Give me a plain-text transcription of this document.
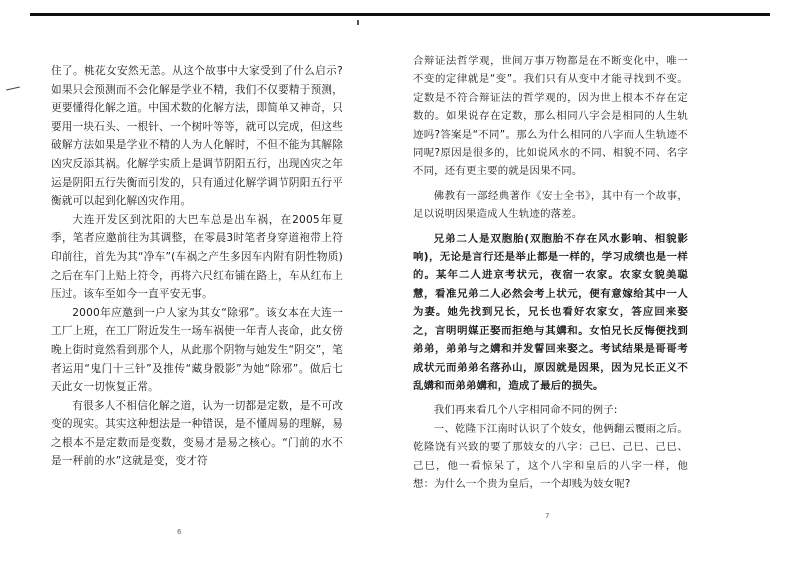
住了。桃花女安然无恙。从这个故事中大家受到了什么启示?如果只会预测而不会化解是学业不精，我们不仅要精于预测，更要懂得化解之道。中国术数的化解方法，即简单又神奇，只要用一块石头、一根针、一个树叶等等，就可以完成，但这些破解方法如果是学业不精的人为人化解时，不但不能为其解除凶灾反添其祸。化解学实质上是调节阴阳五行，出现凶灾之年运是阴阳五行失衡而引发的，只有通过化解学调节阴阳五行平衡就可以起到化解凶灾作用。

大连开发区到沈阳的大巴车总是出车祸，在2005年夏季，笔者应邀前往为其调整，在零晨3时笔者身穿道袍带上符印前往，首先为其“净车”(车祸之产生多因车内附有阴性物质)之后在车门上贴上符令，再将六尺红布铺在路上，车从红布上压过。该车至如今一直平安无事。

2000年应邀到一户人家为其女“除邪”。该女本在大连一工厂上班，在工厂附近发生一场车祸使一年青人丧命，此女傍晚上街时竟然看到那个人，从此那个阴物与她发生“阴交”，笔者运用“鬼门十三针”及推传“藏身骰影”为她“除邪”。做后七天此女一切恢复正常。

有很多人不相信化解之道，认为一切都是定数，是不可改变的现实。其实这种想法是一种错误，是不懂周易的理解，易之根本不是定数而是变数，变易才是易之核心。“门前的水不是一秤前的水”这就是变，变才符

合辩证法哲学观，世间万事万物都是在不断变化中，唯一不变的定律就是“变”。我们只有从变中才能寻找到不变。定数是不符合辩证法的哲学观的，因为世上根本不存在定数的。如果说存在定数，那么相同八字会是相同的人生轨迹吗?答案是“不同”。那么为什么相同的八字而人生轨迹不同呢?原因是很多的，比如说风水的不同、相貌不同、名字不同，还有更主要的就是因果不同。

佛教有一部经典著作《安士全书》，其中有一个故事，足以说明因果造成人生轨迹的落差。

兄弟二人是双胞胎(双胞胎不存在风水影响、相貌影响)，无论是言行还是举止都是一样的，学习成绩也是一样的。某年二人进京考状元，夜宿一农家。农家女貌美聪慧，看准兄弟二人必然会考上状元，便有意嫁给其中一人为妻。她先找到兄长，兄长也看好农家女，答应回来娶之，言明明媒正娶而拒绝与其媾和。女怕兄长反悔便找到弟弟，弟弟与之媾和并发誓回来娶之。考试结果是哥哥考成状元而弟弟名落孙山，原因就是因果，因为兄长正义不乱媾和而弟弟媾和，造成了最后的损失。

我们再来看几个八字相同命不同的例子:

一、乾隆下江南时认识了个妓女，他俩翻云覆雨之后。乾隆饶有兴致的要了那妓女的八字：己巳、己巳、己巳、己巳，他一看惊呆了，这个八字和皇后的八字一样，他想：为什么一个贵为皇后，一个却贱为妓女呢?

6
7
